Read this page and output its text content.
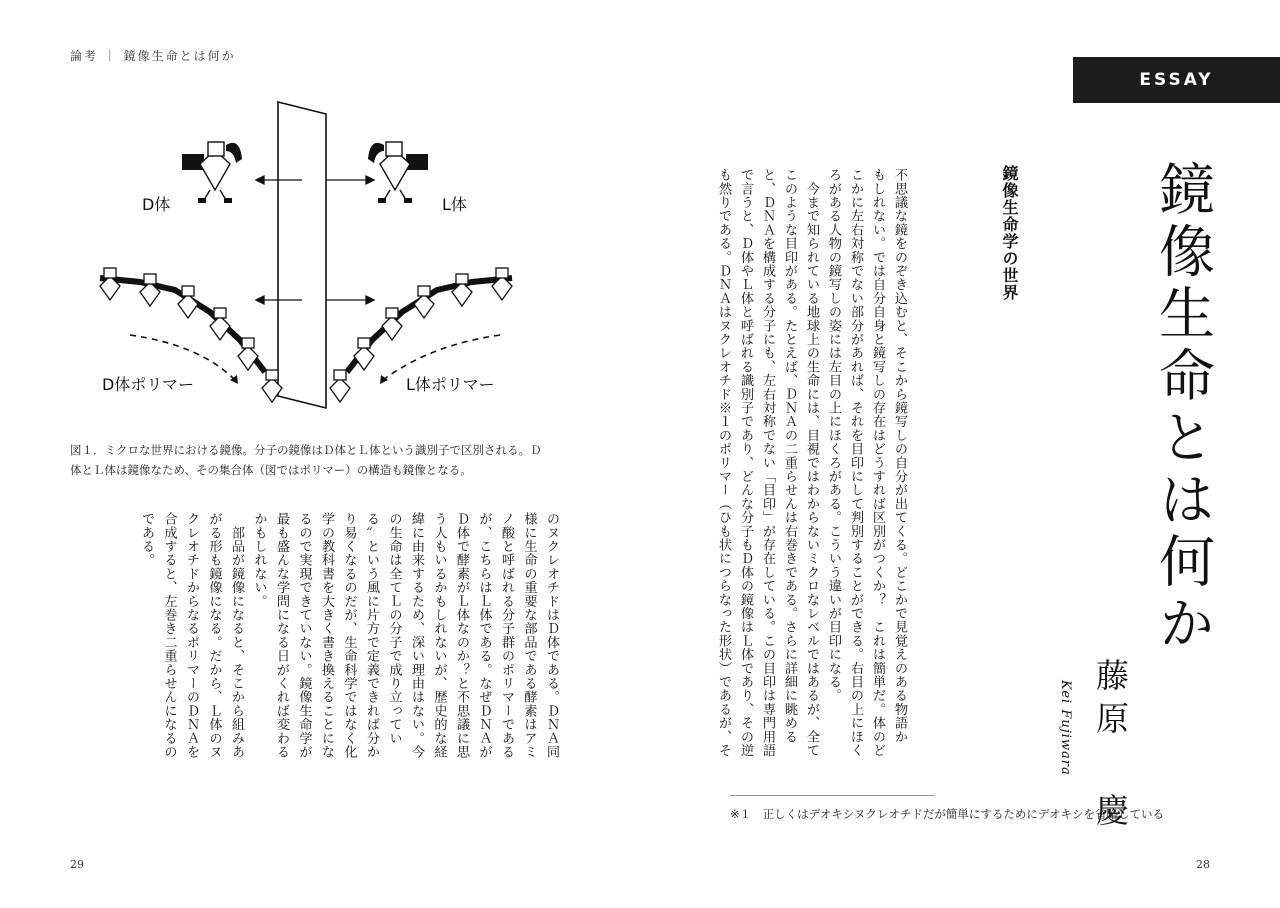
論考 ｜ 鏡像生命とは何か
ESSAY
鏡像生命とは何か
藤原 慶
Kei Fujiwara
鏡像生命学の世界

不思議な鏡をのぞき込むと、そこから鏡写しの自分が出てくる。どこかで見覚えのある物語か

もしれない。では自分自身と鏡写しの存在はどうすれば区別がつくか？　これは簡単だ。体のど

こかに左右対称でない部分があれば、それを目印にして判別することができる。右目の上にほく

ろがある人物の鏡写しの姿には左目の上にほくろがある。こういう違いが目印になる。

　今まで知られている地球上の生命には、目視ではわからないミクロなレベルではあるが、全て

このような目印がある。たとえば、ＤＮＡの二重らせんは右巻きである。さらに詳細に眺める

と、ＤＮＡを構成する分子にも、左右対称でない「目印」が存在している。この目印は専門用語

で言うと、Ｄ体やＬ体と呼ばれる識別子であり、どんな分子もＤ体の鏡像はＬ体であり、その逆

も然りである。ＤＮＡはヌクレオチド※１のポリマー（ひも状につらなった形状）であるが、そ

※１　正しくはデオキシヌクレオチドだが簡単にするためにデオキシを省略している
D体	L体
D体ポリマー	L体ポリマー
図１．ミクロな世界における鏡像。分子の鏡像はＤ体とＬ体という識別子で区別される。Ｄ体とＬ体は鏡像なため、その集合体（図ではポリマー）の構造も鏡像となる。

のヌクレオチドはＤ体である。ＤＮＡ同

様に生命の重要な部品である酵素はアミ

ノ酸と呼ばれる分子群のポリマーである

が、こちらはＬ体である。なぜＤＮＡが

Ｄ体で酵素がＬ体なのか？と不思議に思

う人もいるかもしれないが、歴史的な経

緯に由来するため、深い理由はない。今

の生命は全てＬの分子で成り立ってい

る〟という風に片方で定義できれば分か

り易くなるのだが、生命科学ではなく化

学の教科書を大きく書き換えることにな

るので実現できていない。鏡像生命学が

最も盛んな学問になる日がくれば変わる

かもしれない。

　部品が鏡像になると、そこから組みあ

がる形も鏡像になる。だから、Ｌ体のヌ

クレオチドからなるポリマーのＤＮＡを

合成すると、左巻き二重らせんになるの

である。

29	28
